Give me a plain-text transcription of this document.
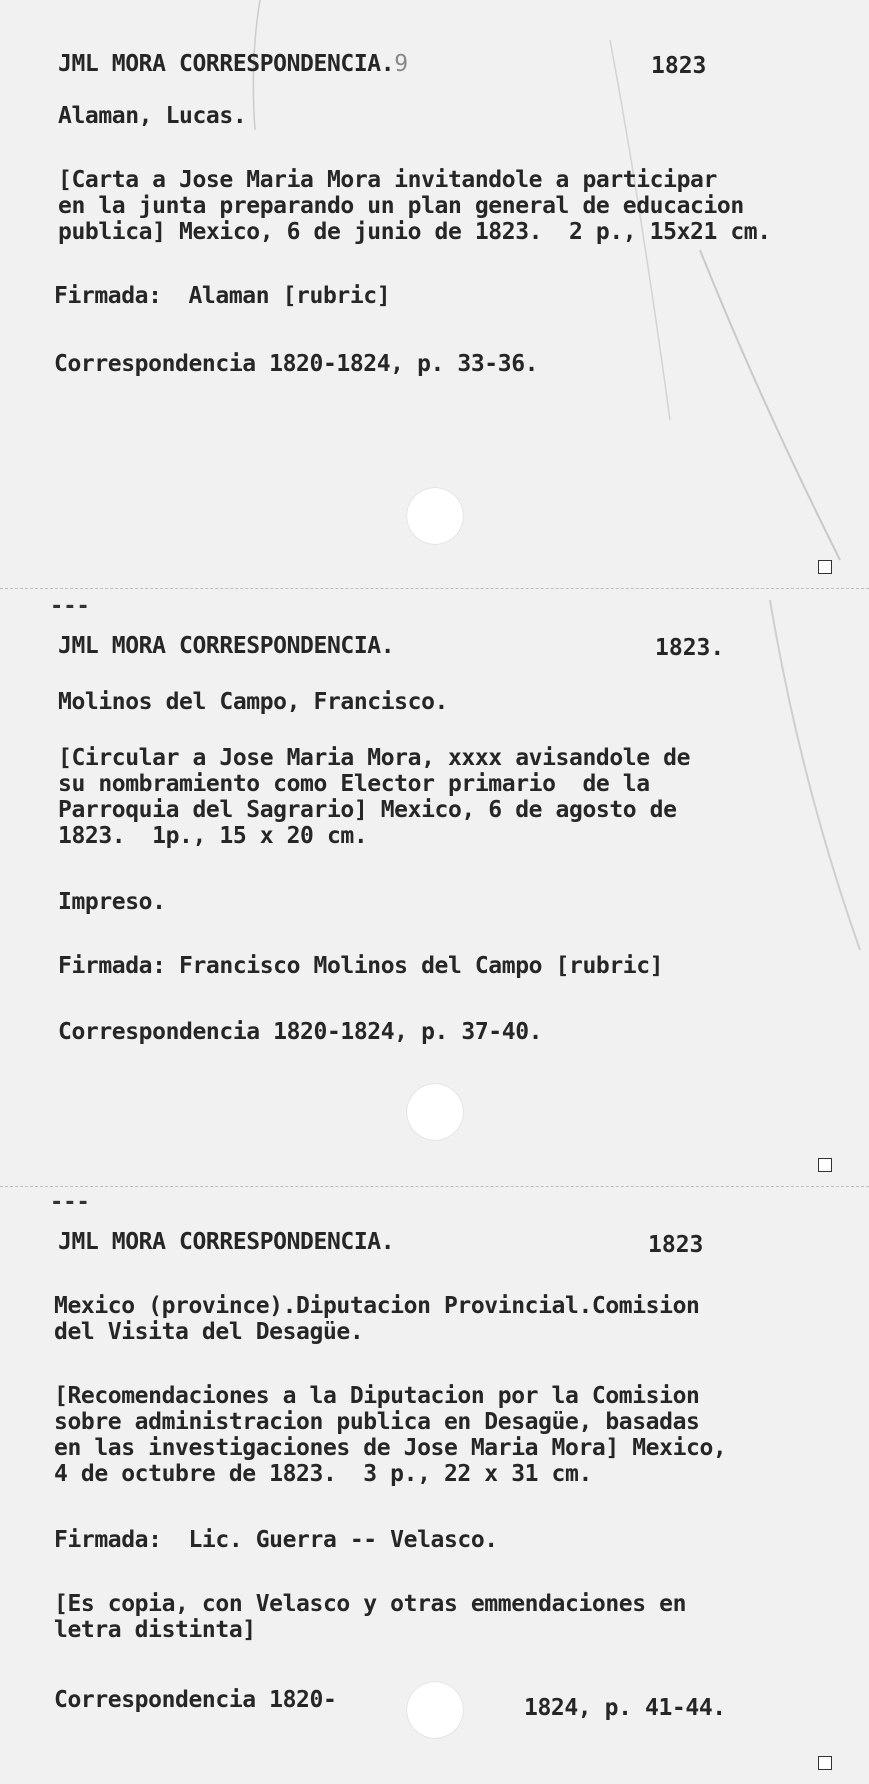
JML MORA CORRESPONDENCIA.9	1823

Alaman, Lucas.

[Carta a Jose Maria Mora invitandole a participar

en la junta preparando un plan general de educacion

publica] Mexico, 6 de junio de 1823.  2 p., 15x21 cm.

Firmada:  Alaman [rubric]

Correspondencia 1820-1824, p. 33-36.

---

JML MORA CORRESPONDENCIA.	1823.

Molinos del Campo, Francisco.

[Circular a Jose Maria Mora, xxxx avisandole de

su nombramiento como Elector primario  de la

Parroquia del Sagrario] Mexico, 6 de agosto de

1823.  1p., 15 x 20 cm.

Impreso.

Firmada: Francisco Molinos del Campo [rubric]

Correspondencia 1820-1824, p. 37-40.

---

JML MORA CORRESPONDENCIA.	1823

Mexico (province).Diputacion Provincial.Comision

del Visita del Desagüe.

[Recomendaciones a la Diputacion por la Comision

sobre administracion publica en Desagüe, basadas

en las investigaciones de Jose Maria Mora] Mexico,

4 de octubre de 1823.  3 p., 22 x 31 cm.

Firmada:  Lic. Guerra -- Velasco.

[Es copia, con Velasco y otras emmendaciones en

letra distinta]

Correspondencia 1820-	1824, p. 41-44.
